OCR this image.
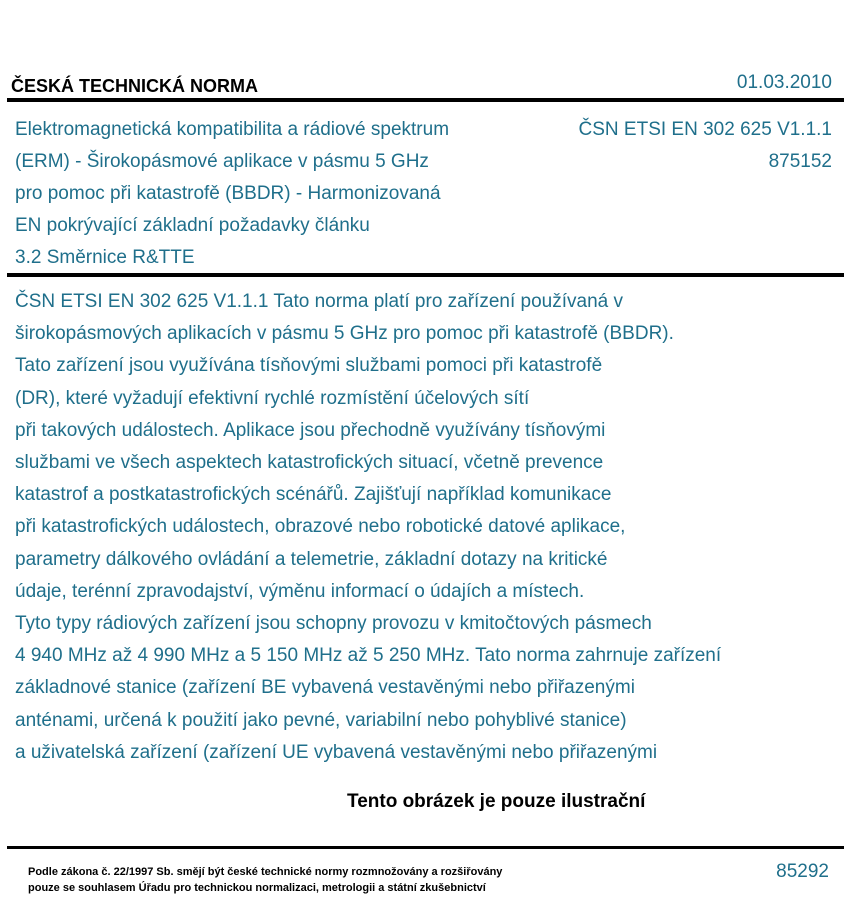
ČESKÁ TECHNICKÁ NORMA	01.03.2010
Elektromagnetická kompatibilita a rádiové spektrum
(ERM) - Širokopásmové aplikace v pásmu 5 GHz
pro pomoc při katastrofě (BBDR) - Harmonizovaná
EN pokrývající základní požadavky článku
3.2 Směrnice R&TTE
ČSN ETSI EN 302 625 V1.1.1
875152
ČSN ETSI EN 302 625 V1.1.1 Tato norma platí pro zařízení používaná v
širokopásmových aplikacích v pásmu 5 GHz pro pomoc při katastrofě (BBDR).
Tato zařízení jsou využívána tísňovými službami pomoci při katastrofě
(DR), které vyžadují efektivní rychlé rozmístění účelových sítí
při takových událostech. Aplikace jsou přechodně využívány tísňovými
službami ve všech aspektech katastrofických situací, včetně prevence
katastrof a postkatastrofických scénářů. Zajišťují například komunikace
při katastrofických událostech, obrazové nebo robotické datové aplikace,
parametry dálkového ovládání a telemetrie, základní dotazy na kritické
údaje, terénní zpravodajství, výměnu informací o údajích a místech.
Tyto typy rádiových zařízení jsou schopny provozu v kmitočtových pásmech
4 940 MHz až 4 990 MHz a 5 150 MHz až 5 250 MHz. Tato norma zahrnuje zařízení
základnové stanice (zařízení BE vybavená vestavěnými nebo přiřazenými
anténami, určená k použití jako pevné, variabilní nebo pohyblivé stanice)
a uživatelská zařízení (zařízení UE vybavená vestavěnými nebo přiřazenými
Tento obrázek je pouze ilustrační
Podle zákona č. 22/1997 Sb. smějí být české technické normy rozmnožovány a rozšiřovány
pouze se souhlasem Úřadu pro technickou normalizaci, metrologii a státní zkušebnictví
85292
